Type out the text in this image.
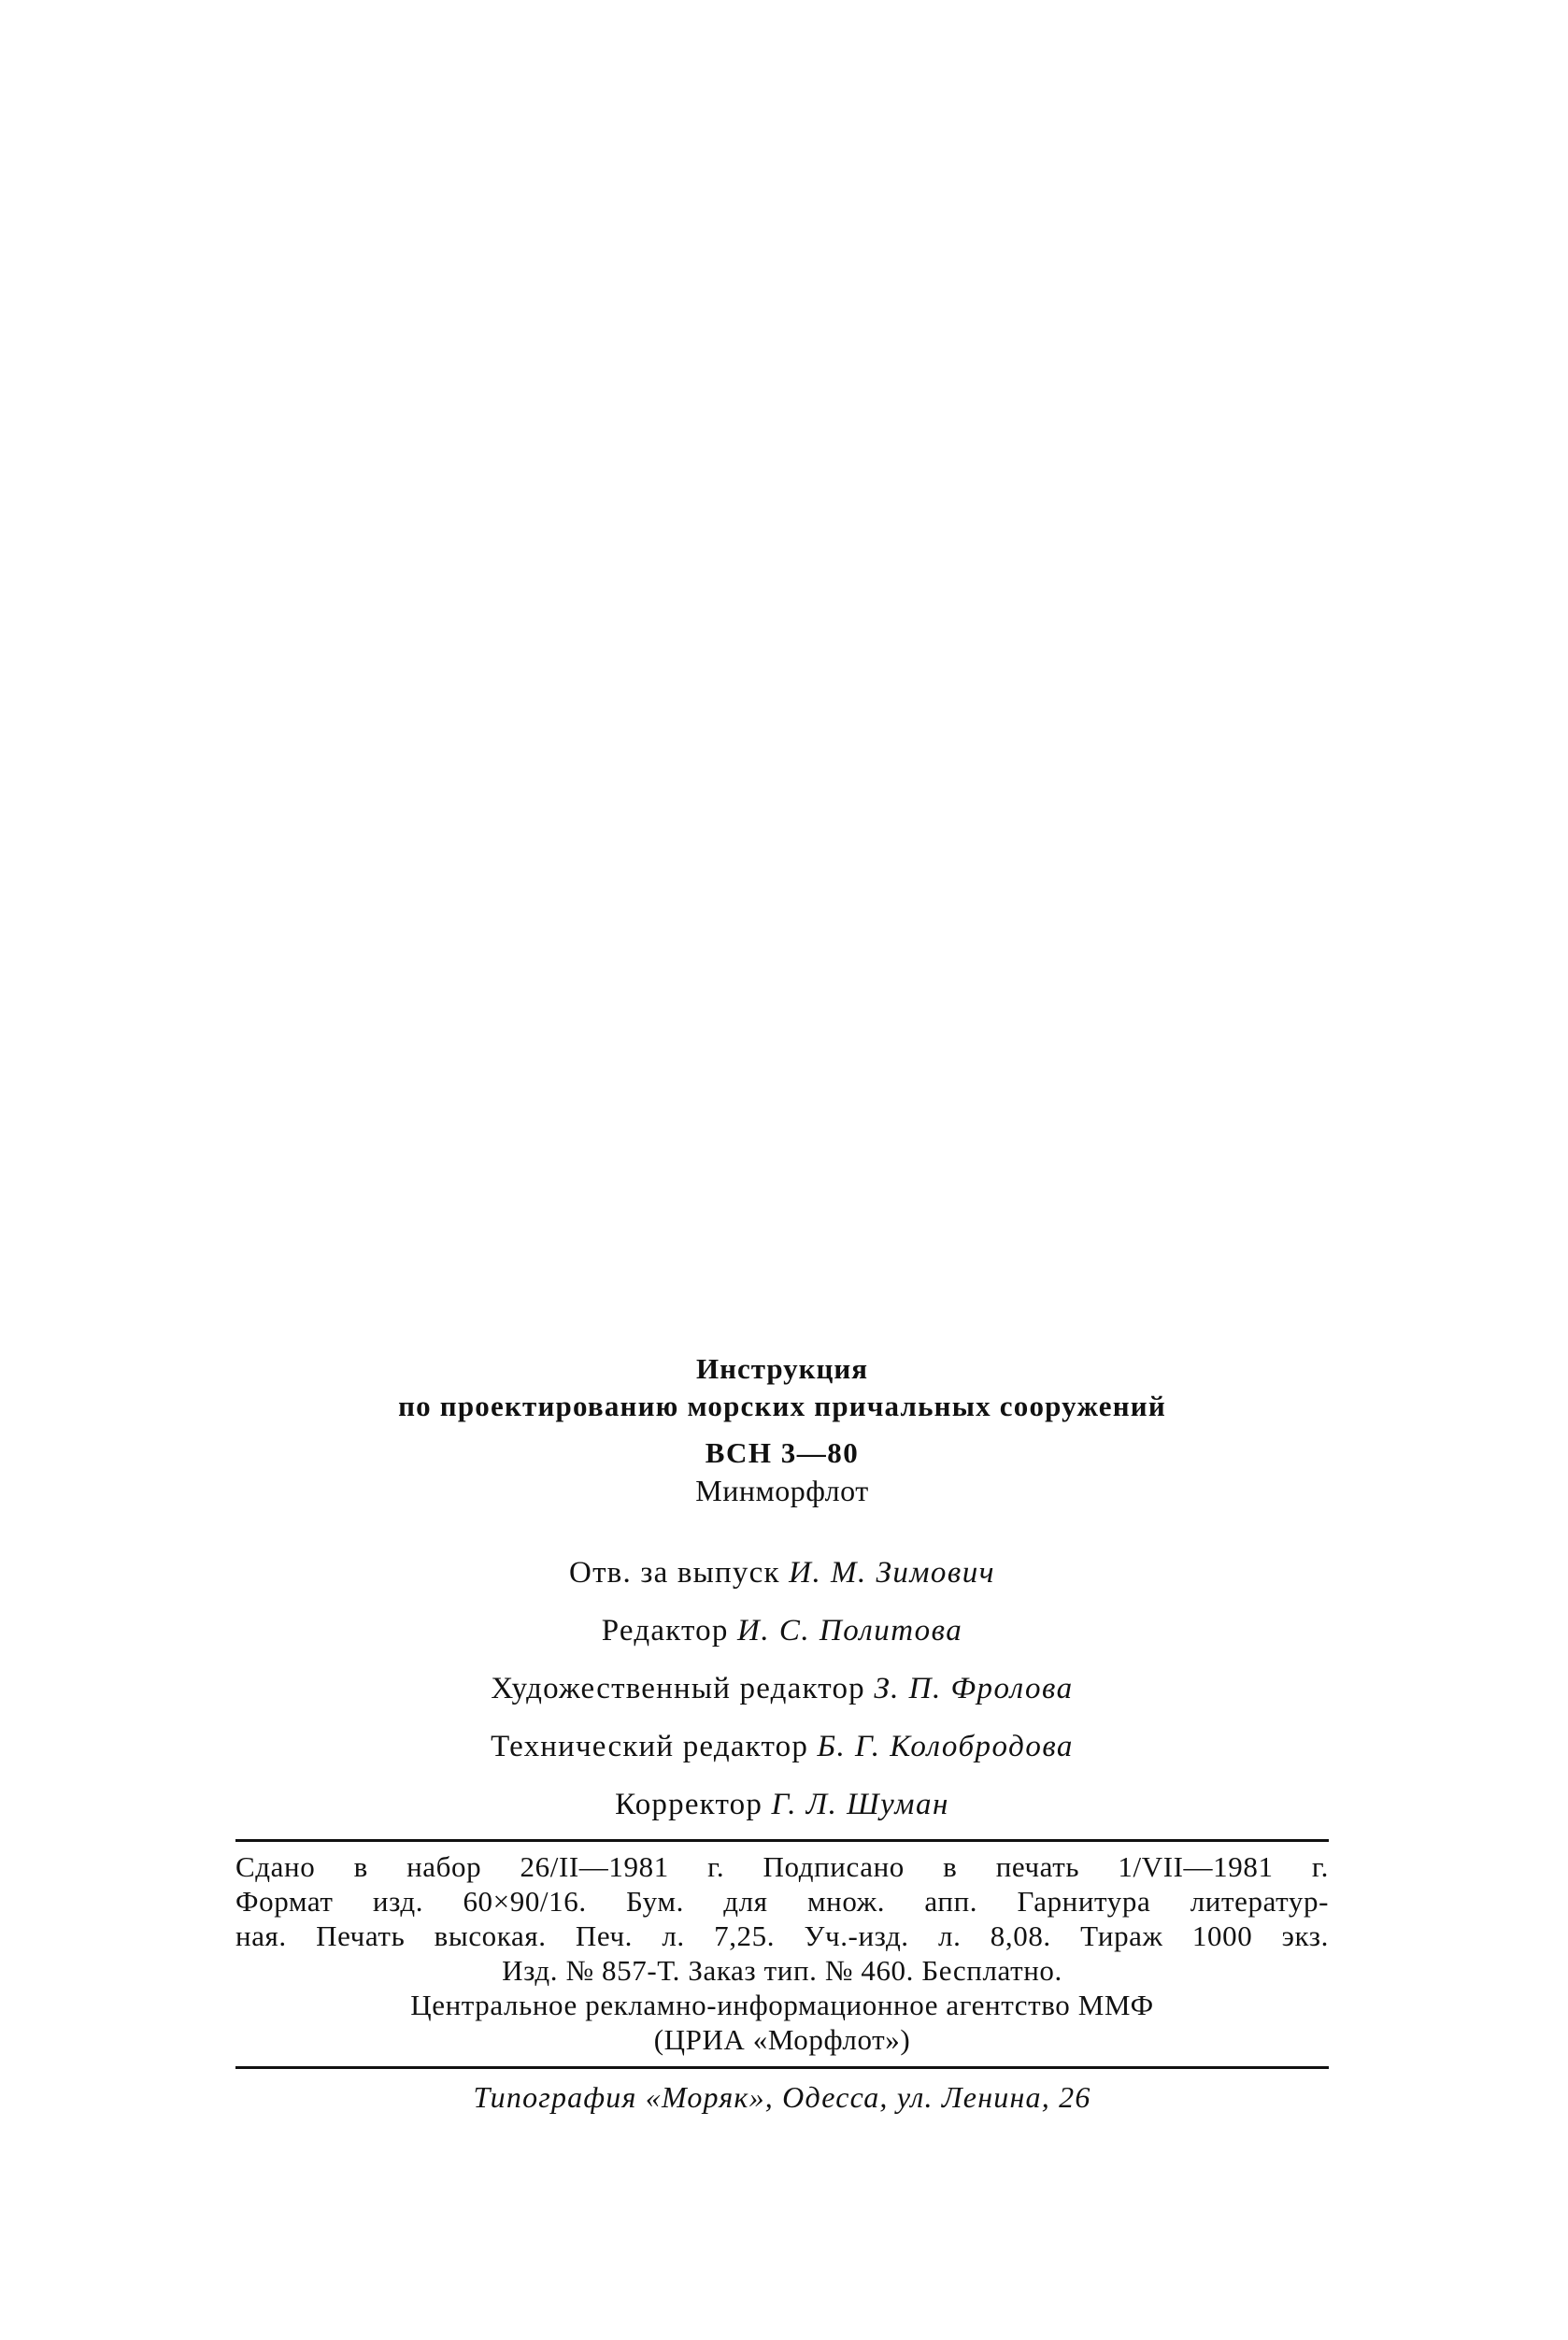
Инструкция
по проектированию морских причальных сооружений
ВСН 3—80
Минморфлот
Отв. за выпуск И. М. Зимович
Редактор И. С. Политова
Художественный редактор З. П. Фролова
Технический редактор Б. Г. Колобродова
Корректор Г. Л. Шуман
Сдано в набор 26/II—1981 г. Подписано в печать 1/VII—1981 г.
Формат изд. 60×90/16. Бум. для множ. апп. Гарнитура литератур-
ная. Печать высокая. Печ. л. 7,25. Уч.-изд. л. 8,08. Тираж 1000 экз.
Изд. № 857-Т. Заказ тип. № 460. Бесплатно.
Центральное рекламно-информационное агентство ММФ
(ЦРИА «Морфлот»)
Типография «Моряк», Одесса, ул. Ленина, 26
